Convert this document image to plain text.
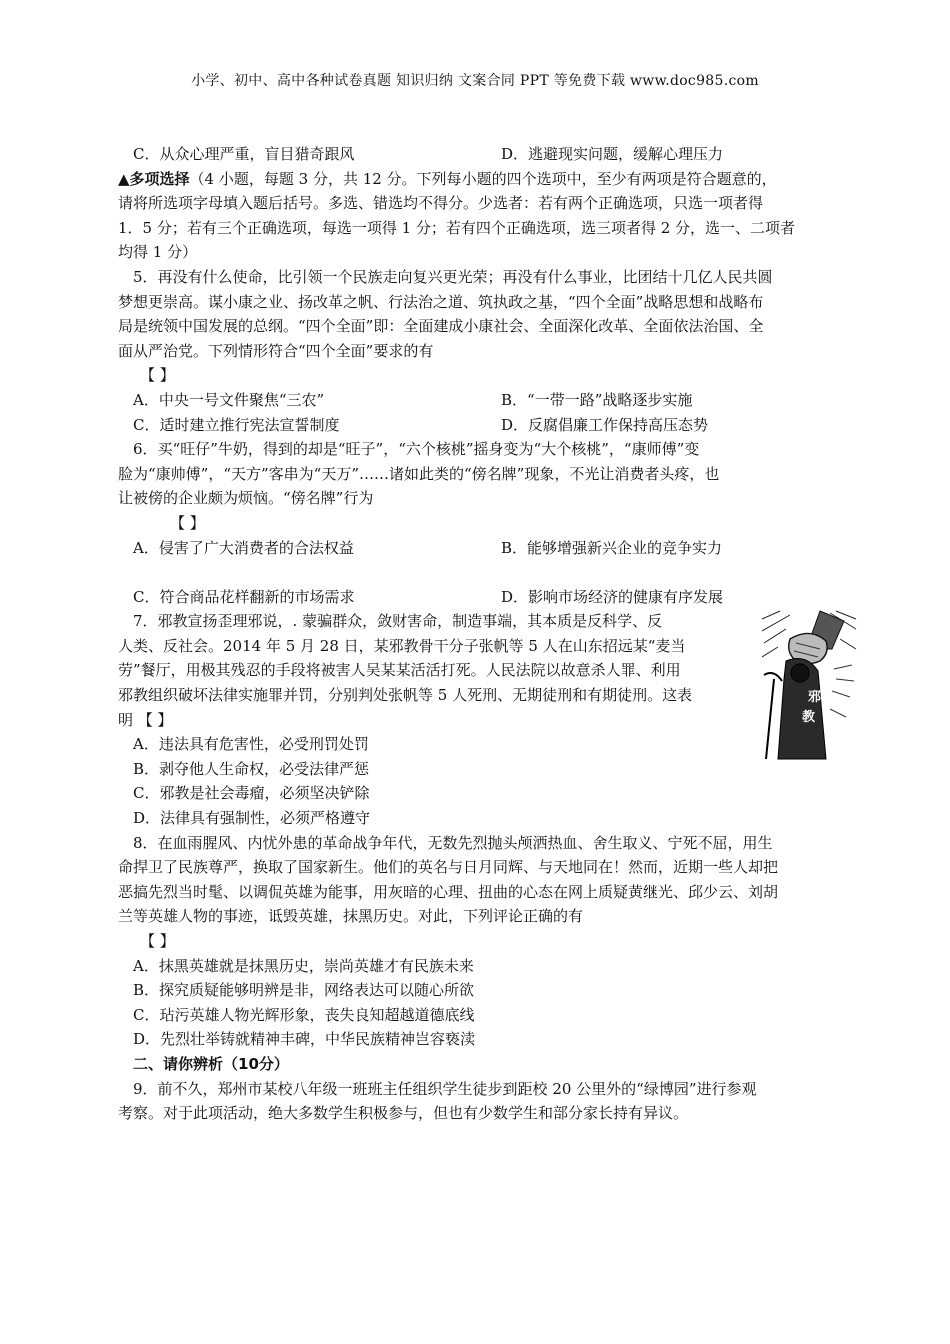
小学、初中、高中各种试卷真题 知识归纳 文案合同 PPT 等免费下载 www.doc985.com
C．从众心理严重，盲目猎奇跟风	D．逃避现实问题，缓解心理压力
▲多项选择（4 小题，每题 3 分，共 12 分。下列每小题的四个选项中，至少有两项是符合题意的，
请将所选项字母填入题后括号。多选、错选均不得分。少选者：若有两个正确选项，只选一项者得
1．5 分；若有三个正确选项，每选一项得 1 分；若有四个正确选项，选三项者得 2 分，选一、二项者
均得 1 分）
5．再没有什么使命，比引领一个民族走向复兴更光荣；再没有什么事业，比团结十几亿人民共圆
梦想更崇高。谋小康之业、扬改革之帆、行法治之道、筑执政之基，“四个全面”战略思想和战略布
局是统领中国发展的总纲。“四个全面”即：全面建成小康社会、全面深化改革、全面依法治国、全
面从严治党。下列情形符合“四个全面”要求的有
【 】
A．中央一号文件聚焦“三农”	B．“一带一路”战略逐步实施
C．适时建立推行宪法宣誓制度	D．反腐倡廉工作保持高压态势
6．买“旺仔”牛奶，得到的却是“旺子”，“六个核桃”摇身变为“大个核桃”，“康师傅”变
脸为“康帅傅”，“天方”客串为“天万”……诸如此类的“傍名牌”现象，不光让消费者头疼，也
让被傍的企业颇为烦恼。“傍名牌”行为
【 】
A．侵害了广大消费者的合法权益	B．能够增强新兴企业的竞争实力
C．符合商品花样翻新的市场需求	D．影响市场经济的健康有序发展
7．邪教宣扬歪理邪说，. 蒙骗群众，敛财害命，制造事端，其本质是反科学、反
人类、反社会。2014 年 5 月 28 日，某邪教骨干分子张帆等 5 人在山东招远某“麦当
劳”餐厅，用极其残忍的手段将被害人吴某某活活打死。人民法院以故意杀人罪、利用
邪教组织破坏法律实施罪并罚，分别判处张帆等 5 人死刑、无期徒刑和有期徒刑。这表
明 【 】
A．违法具有危害性，必受刑罚处罚
B．剥夺他人生命权，必受法律严惩
C．邪教是社会毒瘤，必须坚决铲除
D．法律具有强制性，必须严格遵守
邪
教
8．在血雨腥风、内忧外患的革命战争年代，无数先烈抛头颅洒热血、舍生取义、宁死不屈，用生
命捍卫了民族尊严，换取了国家新生。他们的英名与日月同辉、与天地同在！然而，近期一些人却把
恶搞先烈当时髦、以调侃英雄为能事，用灰暗的心理、扭曲的心态在网上质疑黄继光、邱少云、刘胡
兰等英雄人物的事迹，诋毁英雄，抹黑历史。对此，下列评论正确的有
【 】
A．抹黑英雄就是抹黑历史，崇尚英雄才有民族未来
B．探究质疑能够明辨是非，网络表达可以随心所欲
C．玷污英雄人物光辉形象，丧失良知超越道德底线
D．先烈壮举铸就精神丰碑，中华民族精神岂容亵渎
二、请你辨析（10分）
9．前不久，郑州市某校八年级一班班主任组织学生徒步到距校 20 公里外的“绿博园”进行参观
考察。对于此项活动，绝大多数学生积极参与，但也有少数学生和部分家长持有异议。
